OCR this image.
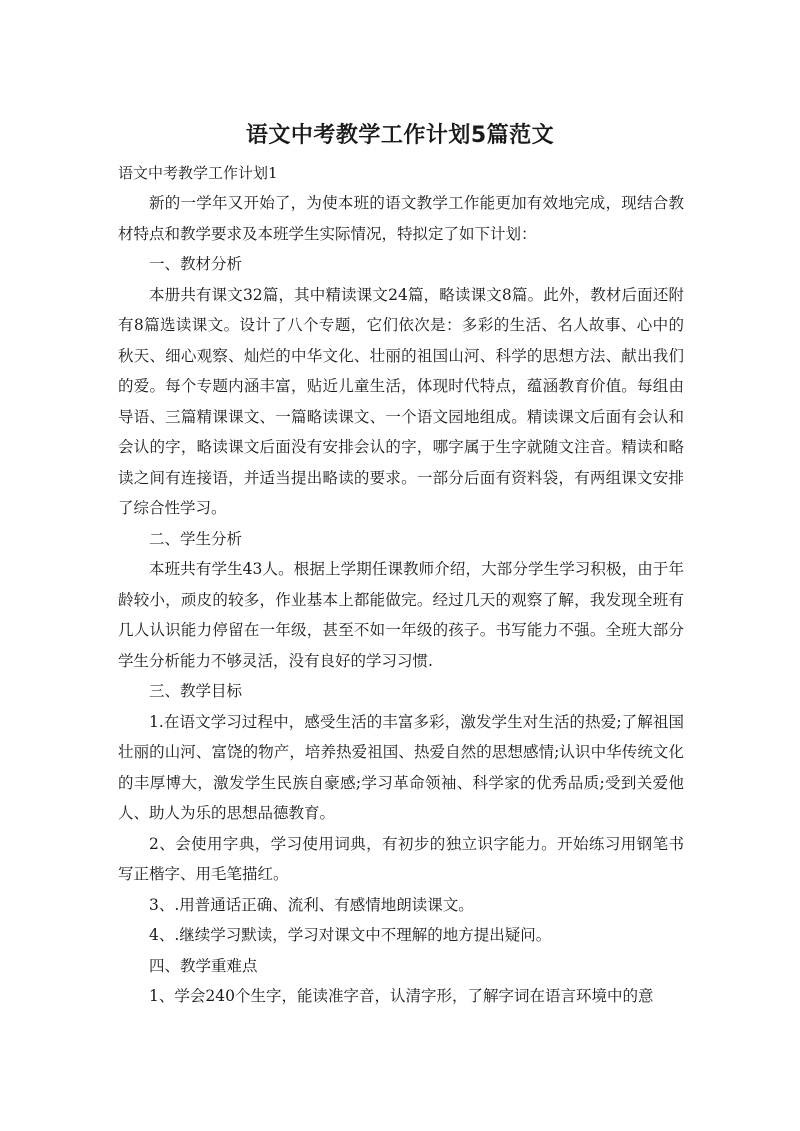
语文中考教学工作计划5篇范文

语文中考教学工作计划1

新的一学年又开始了，为使本班的语文教学工作能更加有效地完成，现结合教材特点和教学要求及本班学生实际情况，特拟定了如下计划：

一、教材分析

本册共有课文32篇，其中精读课文24篇，略读课文8篇。此外，教材后面还附有8篇选读课文。设计了八个专题，它们依次是：多彩的生活、名人故事、心中的秋天、细心观察、灿烂的中华文化、壮丽的祖国山河、科学的思想方法、献出我们的爱。每个专题内涵丰富，贴近儿童生活，体现时代特点，蕴涵教育价值。每组由导语、三篇精课课文、一篇略读课文、一个语文园地组成。精读课文后面有会认和会认的字，略读课文后面没有安排会认的字，哪字属于生字就随文注音。精读和略读之间有连接语，并适当提出略读的要求。一部分后面有资料袋，有两组课文安排了综合性学习。

二、学生分析

本班共有学生43人。根据上学期任课教师介绍，大部分学生学习积极，由于年龄较小，顽皮的较多，作业基本上都能做完。经过几天的观察了解，我发现全班有几人认识能力停留在一年级，甚至不如一年级的孩子。书写能力不强。全班大部分学生分析能力不够灵活，没有良好的学习习惯.

三、教学目标

1.在语文学习过程中，感受生活的丰富多彩，激发学生对生活的热爱;了解祖国壮丽的山河、富饶的物产，培养热爱祖国、热爱自然的思想感情;认识中华传统文化的丰厚博大，激发学生民族自豪感;学习革命领袖、科学家的优秀品质;受到关爱他人、助人为乐的思想品德教育。

2、会使用字典，学习使用词典，有初步的独立识字能力。开始练习用钢笔书写正楷字、用毛笔描红。

3、.用普通话正确、流利、有感情地朗读课文。

4、.继续学习默读，学习对课文中不理解的地方提出疑问。

四、教学重难点

1、学会240个生字，能读准字音，认清字形，了解字词在语言环境中的意
